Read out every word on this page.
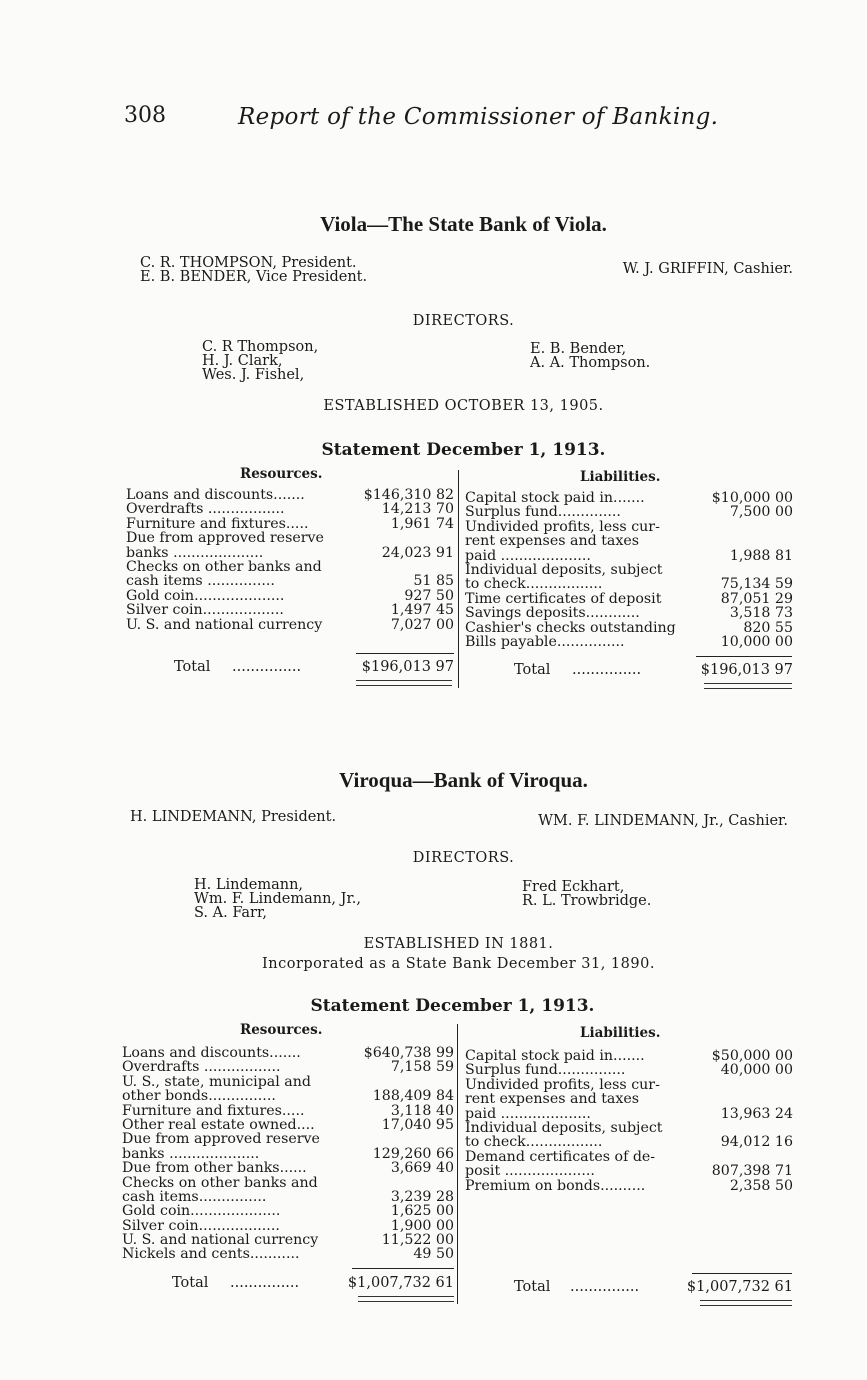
308	Report of the Commissioner of Banking.
Viola—The State Bank of Viola.
C. R. THOMPSON, President.
E. B. BENDER, Vice President.	W. J. GRIFFIN, Cashier.
DIRECTORS.
C. R Thompson,
H. J. Clark,
Wes. J. Fishel,
E. B. Bender,
A. A. Thompson.
ESTABLISHED OCTOBER 13, 1905.
Statement December 1, 1913.
Resources.	Liabilities.
Loans and discounts.......	$146,310 82
Overdrafts .................	14,213 70
Furniture and fixtures.....	1,961 74
Due from approved reserve
banks ....................	24,023 91
Checks on other banks and
cash items ...............	51 85
Gold coin....................	927 50
Silver coin..................	1,497 45
U. S. and national currency	7,027 00
Capital stock paid in.......	$10,000 00
Surplus fund..............	7,500 00
Undivided profits, less cur-
rent expenses and taxes
paid ....................	1,988 81
Individual deposits, subject
to check.................	75,134 59
Time certificates of deposit	87,051 29
Savings deposits............	3,518 73
Cashier's checks outstanding	820 55
Bills payable...............	10,000 00
Total ...............	$196,013 97	Total ...............	$196,013 97
Viroqua—Bank of Viroqua.
H. LINDEMANN, President.	WM. F. LINDEMANN, Jr., Cashier.
DIRECTORS.
H. Lindemann,
Wm. F. Lindemann, Jr.,
S. A. Farr,
Fred Eckhart,
R. L. Trowbridge.
ESTABLISHED IN 1881.
Incorporated as a State Bank December 31, 1890.
Statement December 1, 1913.
Resources.	Liabilities.
Loans and discounts.......	$640,738 99
Overdrafts .................	7,158 59
U. S., state, municipal and
other bonds...............	188,409 84
Furniture and fixtures.....	3,118 40
Other real estate owned....	17,040 95
Due from approved reserve
banks ....................	129,260 66
Due from other banks......	3,669 40
Checks on other banks and
cash items...............	3,239 28
Gold coin....................	1,625 00
Silver coin..................	1,900 00
U. S. and national currency	11,522 00
Nickels and cents...........	49 50
Capital stock paid in.......	$50,000 00
Surplus fund...............	40,000 00
Undivided profits, less cur-
rent expenses and taxes
paid ....................	13,963 24
Individual deposits, subject
to check.................	94,012 16
Demand certificates of de-
posit ....................	807,398 71
Premium on bonds..........	2,358 50
Total ...............	$1,007,732 61	Total ...............	$1,007,732 61
